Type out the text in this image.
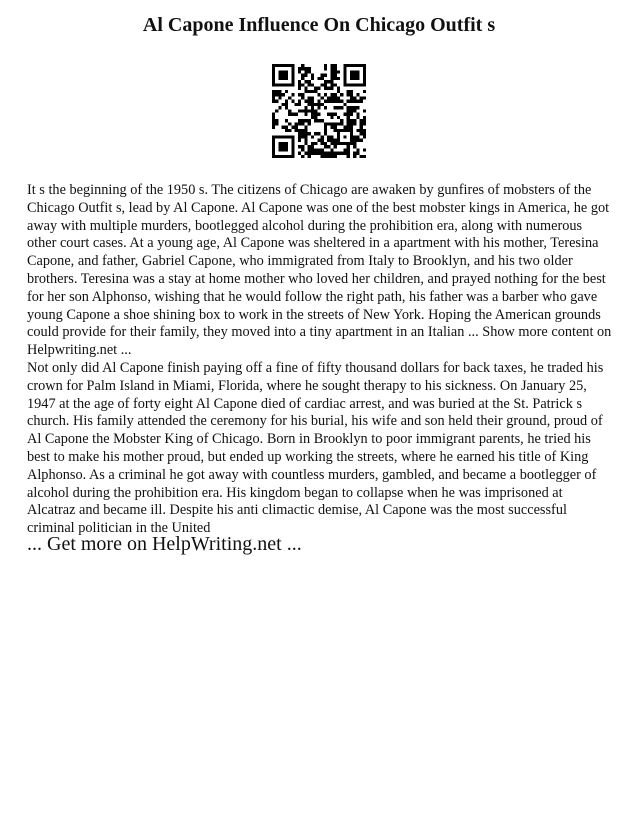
Al Capone Influence On Chicago Outfit s

It s the beginning of the 1950 s. The citizens of Chicago are awaken by gunfires of mobsters of the Chicago Outfit s, lead by Al Capone. Al Capone was one of the best mobster kings in America, he got away with multiple murders, bootlegged alcohol during the prohibition era, along with numerous other court cases. At a young age, Al Capone was sheltered in a apartment with his mother, Teresina Capone, and father, Gabriel Capone, who immigrated from Italy to Brooklyn, and his two older brothers. Teresina was a stay at home mother who loved her children, and prayed nothing for the best for her son Alphonso, wishing that he would follow the right path, his father was a barber who gave young Capone a shoe shining box to work in the streets of New York. Hoping the American grounds could provide for their family, they moved into a tiny apartment in an Italian ... Show more content on Helpwriting.net ...

Not only did Al Capone finish paying off a fine of fifty thousand dollars for back taxes, he traded his crown for Palm Island in Miami, Florida, where he sought therapy to his sickness. On January 25, 1947 at the age of forty eight Al Capone died of cardiac arrest, and was buried at the St. Patrick s church. His family attended the ceremony for his burial, his wife and son held their ground, proud of Al Capone the Mobster King of Chicago. Born in Brooklyn to poor immigrant parents, he tried his best to make his mother proud, but ended up working the streets, where he earned his title of King Alphonso. As a criminal he got away with countless murders, gambled, and became a bootlegger of alcohol during the prohibition era. His kingdom began to collapse when he was imprisoned at Alcatraz and became ill. Despite his anti climactic demise, Al Capone was the most successful criminal politician in the United

... Get more on HelpWriting.net ...
